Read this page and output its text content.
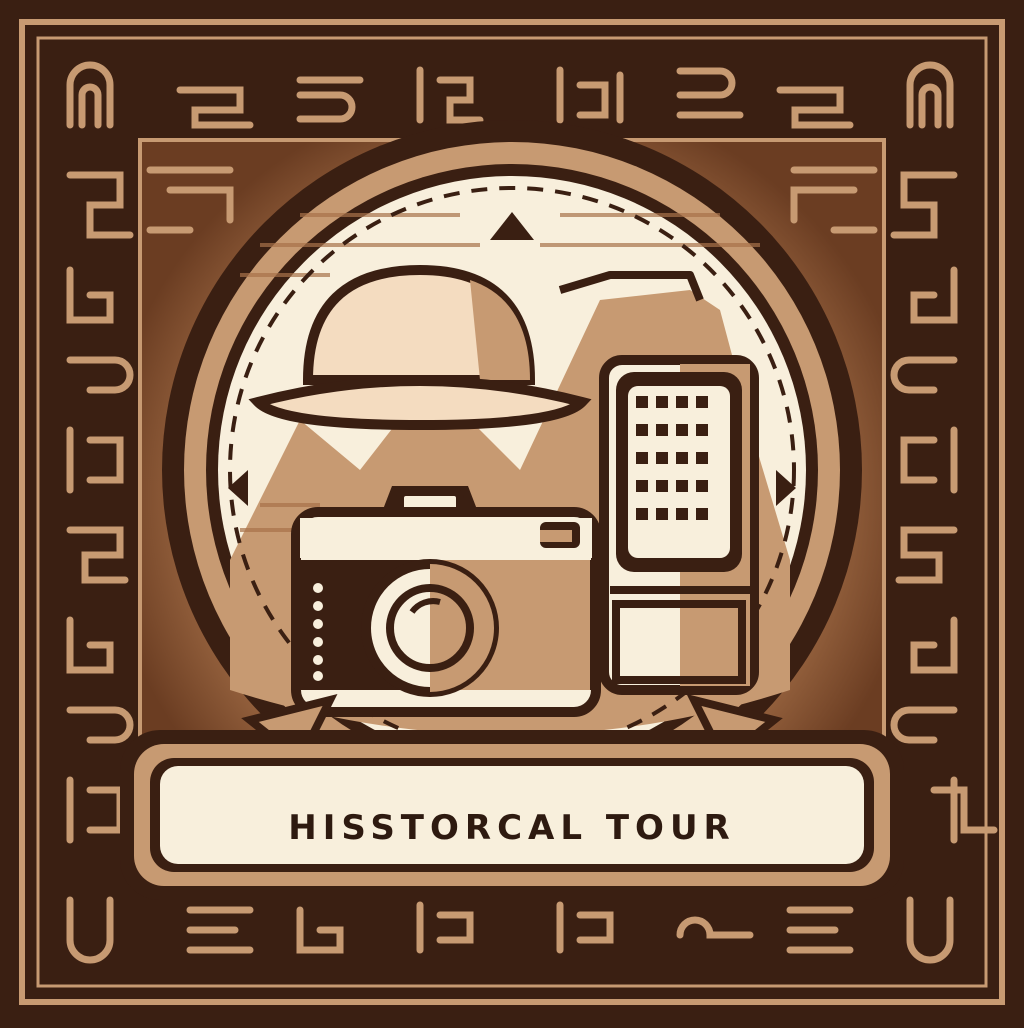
HISSTORCAL TOUR
